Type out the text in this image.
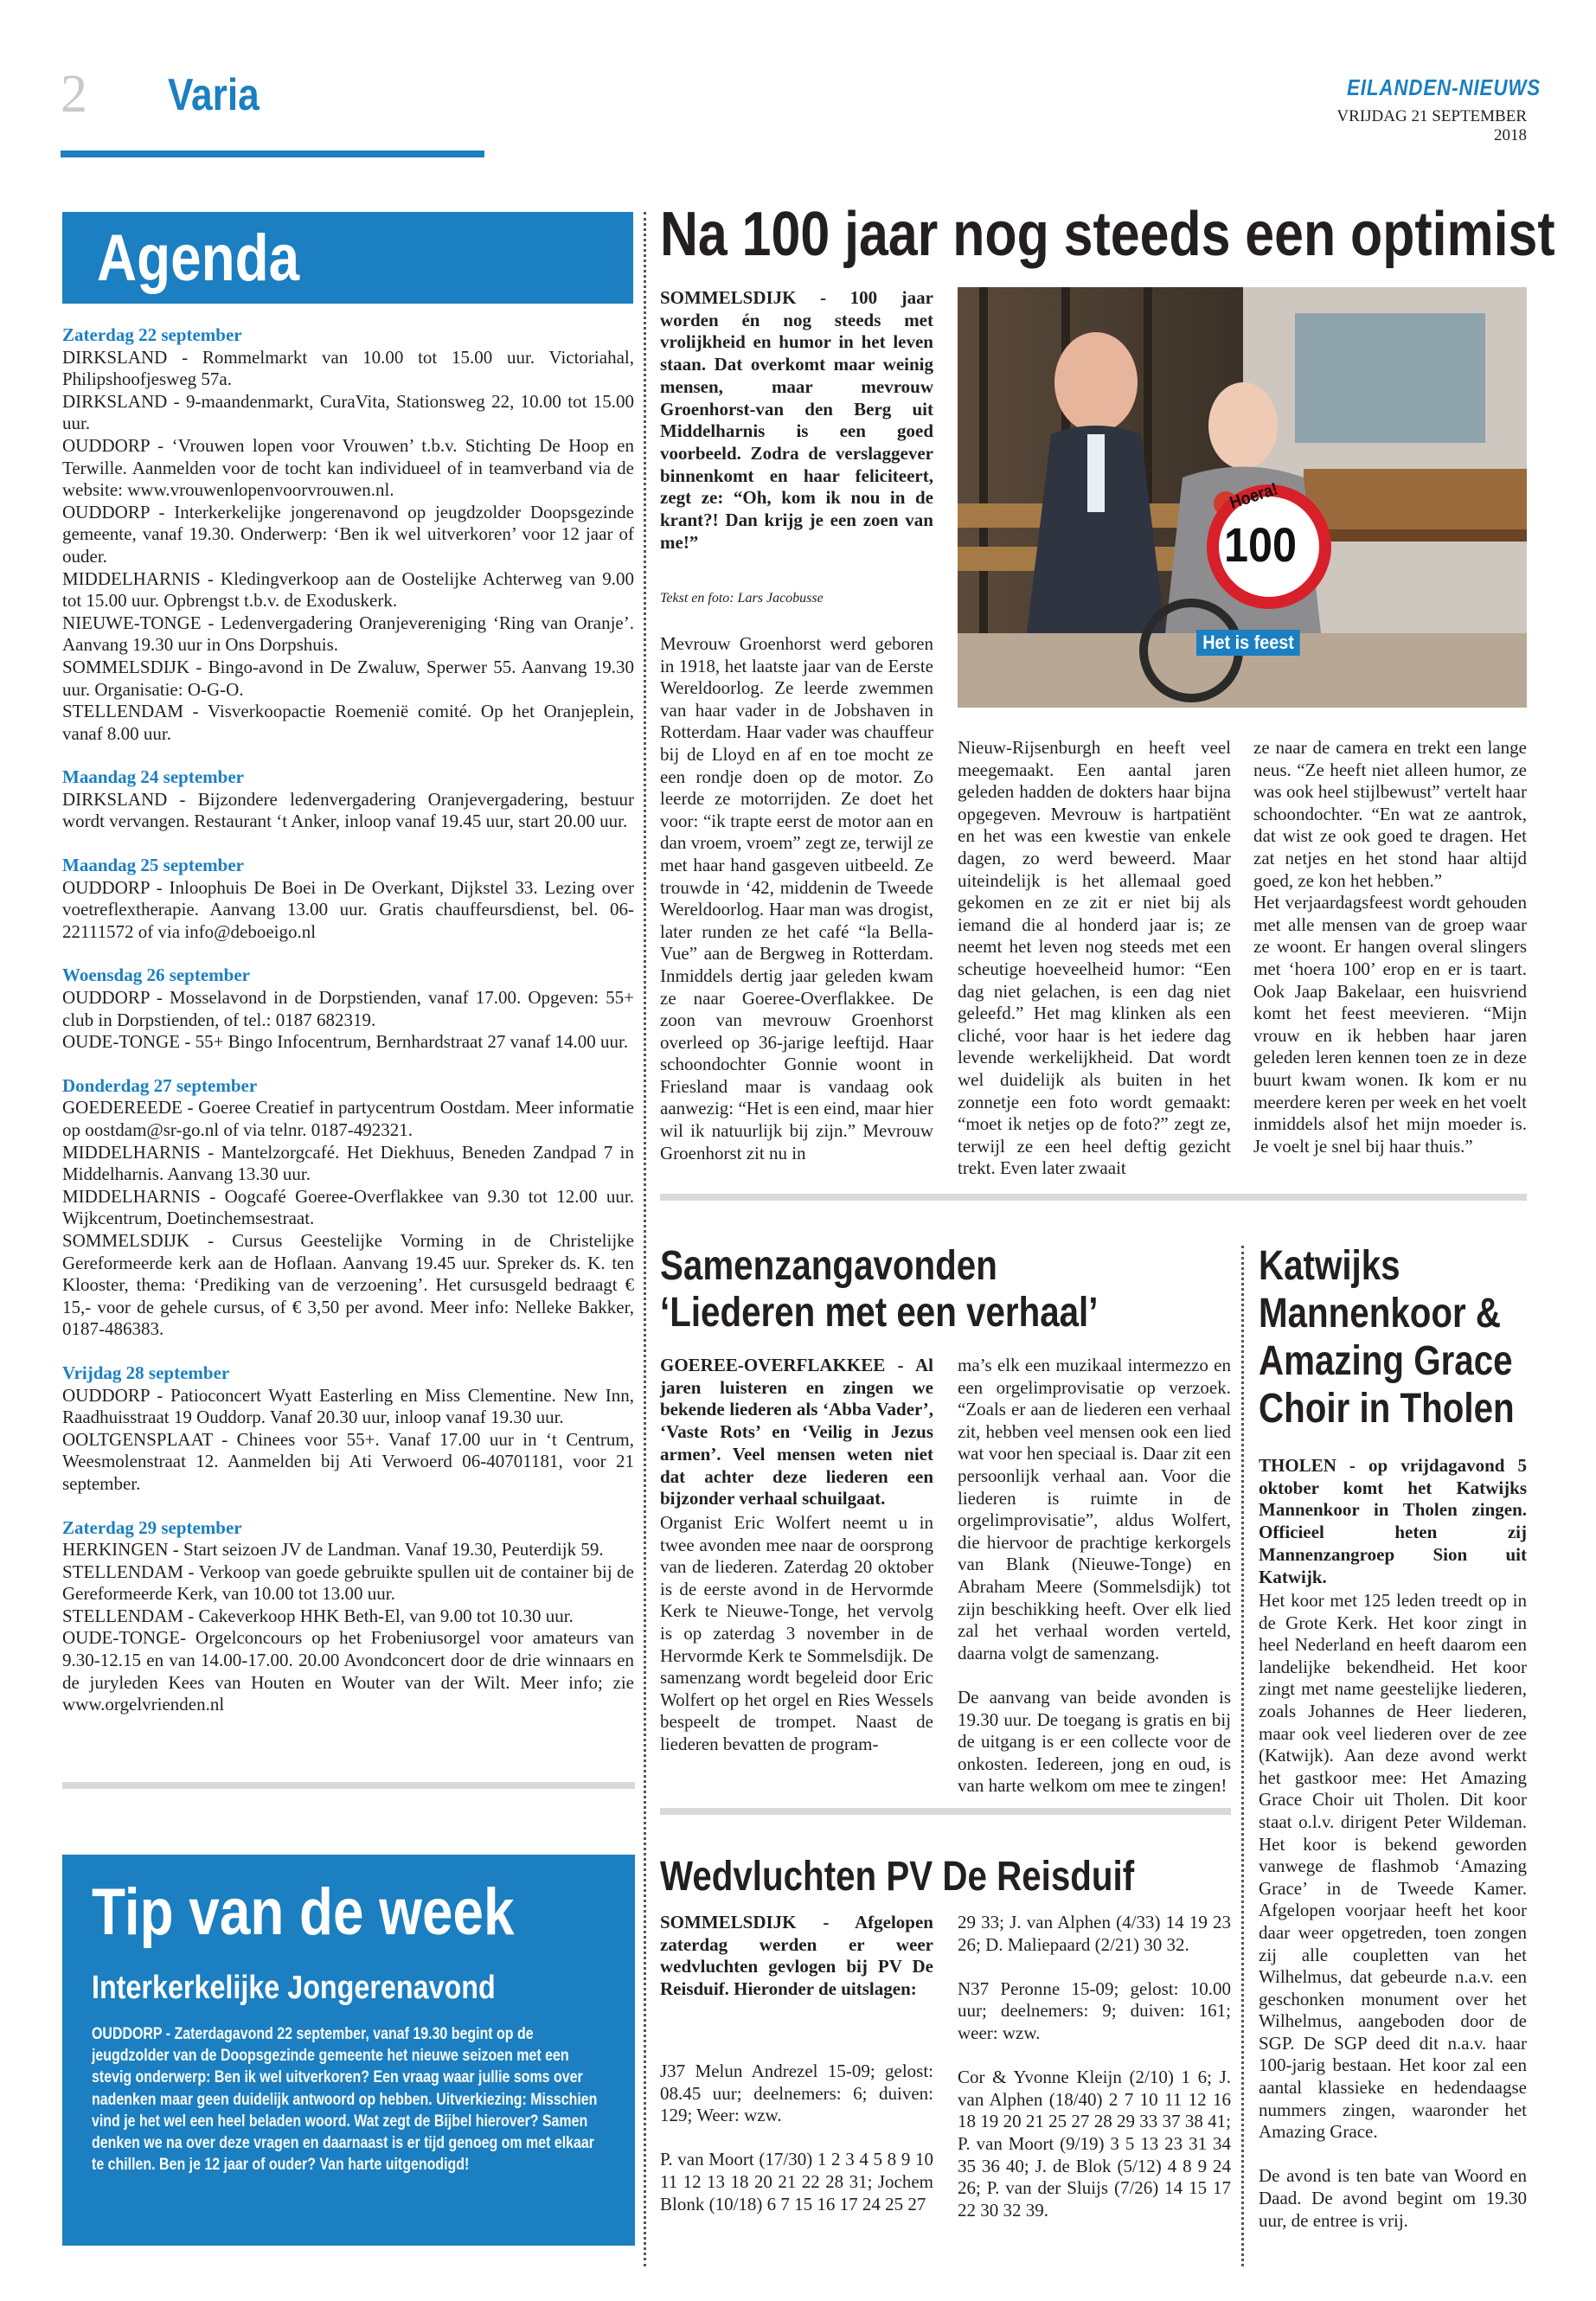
2 Varia	EILANDEN-NIEUWS
VRIJDAG 21 SEPTEMBER 2018
Agenda

Zaterdag 22 september

DIRKSLAND - Rommelmarkt van 10.00 tot 15.00 uur. Victoriahal, Philipshoofjesweg 57a.
DIRKSLAND - 9-maandenmarkt, CuraVita, Stationsweg 22, 10.00 tot 15.00 uur.
OUDDORP - ‘Vrouwen lopen voor Vrouwen’ t.b.v. Stichting De Hoop en Terwille. Aanmelden voor de tocht kan individueel of in teamverband via de website: www.vrouwenlopenvoorvrouwen.nl.
OUDDORP - Interkerkelijke jongerenavond op jeugdzolder Doopsgezinde gemeente, vanaf 19.30. Onderwerp: ‘Ben ik wel uitverkoren’ voor 12 jaar of ouder.
MIDDELHARNIS - Kledingverkoop aan de Oostelijke Achterweg van 9.00 tot 15.00 uur. Opbrengst t.b.v. de Exoduskerk.
NIEUWE-TONGE - Ledenvergadering Oranjevereniging ‘Ring van Oranje’. Aanvang 19.30 uur in Ons Dorpshuis.
SOMMELSDIJK - Bingo-avond in De Zwaluw, Sperwer 55. Aanvang 19.30 uur. Organisatie: O-G-O.
STELLENDAM - Visverkoopactie Roemenië comité. Op het Oranjeplein, vanaf 8.00 uur.

Maandag 24 september

DIRKSLAND - Bijzondere ledenvergadering Oranjevergadering, bestuur wordt vervangen. Restaurant ‘t Anker, inloop vanaf 19.45 uur, start 20.00 uur.

Maandag 25 september

OUDDORP - Inloophuis De Boei in De Overkant, Dijkstel 33. Lezing over voetreflextherapie. Aanvang 13.00 uur. Gratis chauffeursdienst, bel. 06-22111572 of via info@deboeigo.nl

Woensdag 26 september

OUDDORP - Mosselavond in de Dorpstienden, vanaf 17.00. Opgeven: 55+ club in Dorpstienden, of tel.: 0187 682319.
OUDE-TONGE - 55+ Bingo Infocentrum, Bernhardstraat 27 vanaf 14.00 uur.

Donderdag 27 september

GOEDEREEDE - Goeree Creatief in partycentrum Oostdam. Meer informatie op oostdam@sr-go.nl of via telnr. 0187-492321.
MIDDELHARNIS - Mantelzorgcafé. Het Diekhuus, Beneden Zandpad 7 in Middelharnis. Aanvang 13.30 uur.
MIDDELHARNIS - Oogcafé Goeree-Overflakkee van 9.30 tot 12.00 uur. Wijkcentrum, Doetinchemsestraat.
SOMMELSDIJK - Cursus Geestelijke Vorming in de Christelijke Gereformeerde kerk aan de Hoflaan. Aanvang 19.45 uur. Spreker ds. K. ten Klooster, thema: ‘Prediking van de verzoening’. Het cursusgeld bedraagt € 15,- voor de gehele cursus, of € 3,50 per avond. Meer info: Nelleke Bakker, 0187-486383.

Vrijdag 28 september

OUDDORP - Patioconcert Wyatt Easterling en Miss Clementine. New Inn, Raadhuisstraat 19 Ouddorp. Vanaf 20.30 uur, inloop vanaf 19.30 uur.
OOLTGENSPLAAT - Chinees voor 55+. Vanaf 17.00 uur in ‘t Centrum, Weesmolenstraat 12. Aanmelden bij Ati Verwoerd 06-40701181, voor 21 september.

Zaterdag 29 september

HERKINGEN - Start seizoen JV de Landman. Vanaf 19.30, Peuterdijk 59.
STELLENDAM - Verkoop van goede gebruikte spullen uit de container bij de Gereformeerde Kerk, van 10.00 tot 13.00 uur.
STELLENDAM - Cakeverkoop HHK Beth-El, van 9.00 tot 10.30 uur.
OUDE-TONGE- Orgelconcours op het Frobeniusorgel voor amateurs van 9.30-12.15 en van 14.00-17.00. 20.00 Avondconcert door de drie winnaars en de juryleden Kees van Houten en Wouter van der Wilt. Meer info; zie www.orgelvrienden.nl

Tip van de week
Interkerkelijke Jongerenavond
OUDDORP - Zaterdagavond 22 september, vanaf 19.30 begint op de jeugdzolder van de Doopsgezinde gemeente het nieuwe seizoen met een stevig onderwerp: Ben ik wel uitverkoren? Een vraag waar jullie soms over nadenken maar geen duidelijk antwoord op hebben. Uitverkiezing: Misschien vind je het wel een heel beladen woord. Wat zegt de Bijbel hierover? Samen denken we na over deze vragen en daarnaast is er tijd genoeg om met elkaar te chillen. Ben je 12 jaar of ouder? Van harte uitgenodigd!
Na 100 jaar nog steeds een optimist
SOMMELSDIJK - 100 jaar worden én nog steeds met vrolijkheid en humor in het leven staan. Dat overkomt maar weinig mensen, maar mevrouw Groenhorst-van den Berg uit Middelharnis is een goed voorbeeld. Zodra de verslaggever binnenkomt en haar feliciteert, zegt ze: “Oh, kom ik nou in de krant?! Dan krijg je een zoen van me!”
Tekst en foto: Lars Jacobusse
Hoera!
100
Het is feest
Mevrouw Groenhorst werd geboren in 1918, het laatste jaar van de Eerste Wereldoorlog. Ze leerde zwemmen van haar vader in de Jobshaven in Rotterdam. Haar vader was chauffeur bij de Lloyd en af en toe mocht ze een rondje doen op de motor. Zo leerde ze motorrijden. Ze doet het voor: “ik trapte eerst de motor aan en dan vroem, vroem” zegt ze, terwijl ze met haar hand gasgeven uitbeeld. Ze trouwde in ‘42, middenin de Tweede Wereldoorlog. Haar man was drogist, later runden ze het café “la Bella-Vue” aan de Bergweg in Rotterdam. Inmiddels dertig jaar geleden kwam ze naar Goeree-Overflakkee. De zoon van mevrouw Groenhorst overleed op 36-jarige leeftijd. Haar schoondochter Gonnie woont in Friesland maar is vandaag ook aanwezig: “Het is een eind, maar hier wil ik natuurlijk bij zijn.” Mevrouw Groenhorst zit nu in
Nieuw-Rijsenburgh en heeft veel meegemaakt. Een aantal jaren geleden hadden de dokters haar bijna opgegeven. Mevrouw is hartpatiënt en het was een kwestie van enkele dagen, zo werd beweerd. Maar uiteindelijk is het allemaal goed gekomen en ze zit er niet bij als iemand die al honderd jaar is; ze neemt het leven nog steeds met een scheutige hoeveelheid humor: “Een dag niet gelachen, is een dag niet geleefd.” Het mag klinken als een cliché, voor haar is het iedere dag levende werkelijkheid. Dat wordt wel duidelijk als buiten in het zonnetje een foto wordt gemaakt: “moet ik netjes op de foto?” zegt ze, terwijl ze een heel deftig gezicht trekt. Even later zwaait
ze naar de camera en trekt een lange neus. “Ze heeft niet alleen humor, ze was ook heel stijlbewust” vertelt haar schoondochter. “En wat ze aantrok, dat wist ze ook goed te dragen. Het zat netjes en het stond haar altijd goed, ze kon het hebben.”
Het verjaardagsfeest wordt gehouden met alle mensen van de groep waar ze woont. Er hangen overal slingers met ‘hoera 100’ erop en er is taart. Ook Jaap Bakelaar, een huisvriend komt het feest meevieren. “Mijn vrouw en ik hebben haar jaren geleden leren kennen toen ze in deze buurt kwam wonen. Ik kom er nu meerdere keren per week en het voelt inmiddels alsof het mijn moeder is. Je voelt je snel bij haar thuis.”
Samenzangavonden
‘Liederen met een verhaal’
GOEREE-OVERFLAKKEE - Al jaren luisteren en zingen we bekende liederen als ‘Abba Vader’, ‘Vaste Rots’ en ‘Veilig in Jezus armen’. Veel mensen weten niet dat achter deze liederen een bijzonder verhaal schuilgaat.
Organist Eric Wolfert neemt u in twee avonden mee naar de oorsprong van de liederen. Zaterdag 20 oktober is de eerste avond in de Hervormde Kerk te Nieuwe-Tonge, het vervolg is op zaterdag 3 november in de Hervormde Kerk te Sommelsdijk. De samenzang wordt begeleid door Eric Wolfert op het orgel en Ries Wessels bespeelt de trompet. Naast de liederen bevatten de program-
ma’s elk een muzikaal intermezzo en een orgelimprovisatie op verzoek. “Zoals er aan de liederen een verhaal zit, hebben veel mensen ook een lied wat voor hen speciaal is. Daar zit een persoonlijk verhaal aan. Voor die liederen is ruimte in de orgelimprovisatie”, aldus Wolfert, die hiervoor de prachtige kerkorgels van Blank (Nieuwe-Tonge) en Abraham Meere (Sommelsdijk) tot zijn beschikking heeft. Over elk lied zal het verhaal worden verteld, daarna volgt de samenzang.

De aanvang van beide avonden is 19.30 uur. De toegang is gratis en bij de uitgang is er een collecte voor de onkosten. Iedereen, jong en oud, is van harte welkom om mee te zingen!
Wedvluchten PV De Reisduif
SOMMELSDIJK - Afgelopen zaterdag werden er weer wedvluchten gevlogen bij PV De Reisduif. Hieronder de uitslagen:
J37 Melun Andrezel 15-09; gelost: 08.45 uur; deelnemers: 6; duiven: 129; Weer: wzw.

P. van Moort (17/30) 1 2 3 4 5 8 9 10 11 12 13 18 20 21 22 28 31; Jochem Blonk (10/18) 6 7 15 16 17 24 25 27
29 33; J. van Alphen (4/33) 14 19 23 26; D. Maliepaard (2/21) 30 32.

N37 Peronne 15-09; gelost: 10.00 uur; deelnemers: 9; duiven: 161; weer: wzw.

Cor & Yvonne Kleijn (2/10) 1 6; J. van Alphen (18/40) 2 7 10 11 12 16 18 19 20 21 25 27 28 29 33 37 38 41; P. van Moort (9/19) 3 5 13 23 31 34 35 36 40; J. de Blok (5/12) 4 8 9 24 26; P. van der Sluijs (7/26) 14 15 17 22 30 32 39.
Katwijks Mannenkoor & Amazing Grace Choir in Tholen
THOLEN - op vrijdagavond 5 oktober komt het Katwijks Mannenkoor in Tholen zingen. Officieel heten zij Mannenzangroep Sion uit Katwijk.
Het koor met 125 leden treedt op in de Grote Kerk. Het koor zingt in heel Nederland en heeft daarom een landelijke bekendheid. Het koor zingt met name geestelijke liederen, zoals Johannes de Heer liederen, maar ook veel liederen over de zee (Katwijk). Aan deze avond werkt het gastkoor mee: Het Amazing Grace Choir uit Tholen. Dit koor staat o.l.v. dirigent Peter Wildeman. Het koor is bekend geworden vanwege de flashmob ‘Amazing Grace’ in de Tweede Kamer. Afgelopen voorjaar heeft het koor daar weer opgetreden, toen zongen zij alle coupletten van het Wilhelmus, dat gebeurde n.a.v. een geschonken monument over het Wilhelmus, aangeboden door de SGP. De SGP deed dit n.a.v. haar 100-jarig bestaan. Het koor zal een aantal klassieke en hedendaagse nummers zingen, waaronder het Amazing Grace.

De avond is ten bate van Woord en Daad. De avond begint om 19.30 uur, de entree is vrij.
